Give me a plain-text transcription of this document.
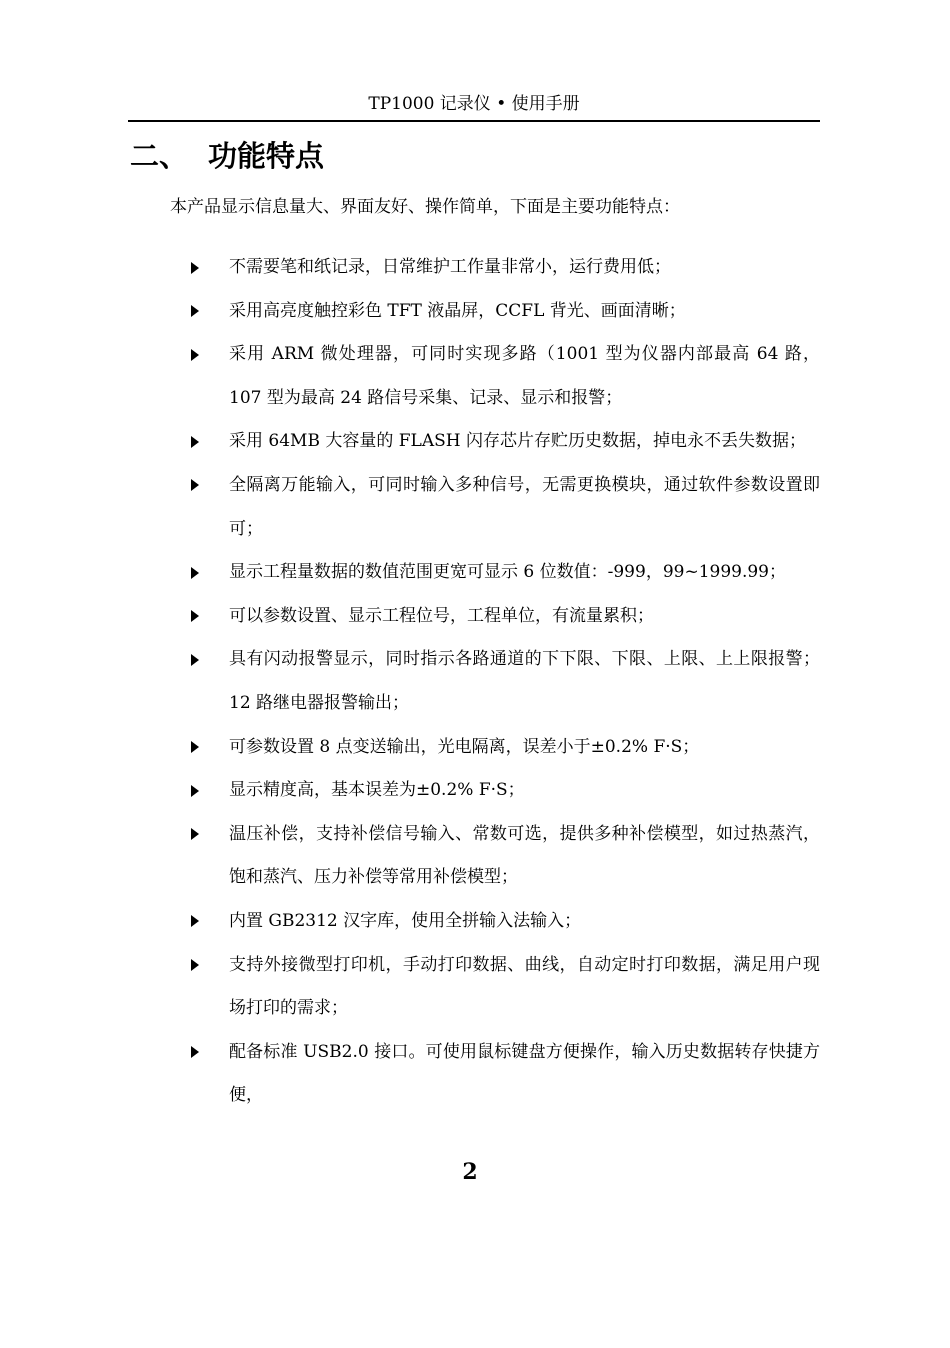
TP1000 记录仪 • 使用手册
二、 功能特点
本产品显示信息量大、界面友好、操作简单，下面是主要功能特点：
不需要笔和纸记录，日常维护工作量非常小，运行费用低；
采用高亮度触控彩色 TFT 液晶屏，CCFL 背光、画面清晰；
采用 ARM 微处理器，可同时实现多路（1001 型为仪器内部最高 64 路，107 型为最高 24 路信号采集、记录、显示和报警；
采用 64MB 大容量的 FLASH 闪存芯片存贮历史数据，掉电永不丢失数据；
全隔离万能输入，可同时输入多种信号，无需更换模块，通过软件参数设置即可；
显示工程量数据的数值范围更宽可显示 6 位数值：-999，99~1999.99；
可以参数设置、显示工程位号，工程单位，有流量累积；
具有闪动报警显示，同时指示各路通道的下下限、下限、上限、上上限报警；12 路继电器报警输出；
可参数设置 8 点变送输出，光电隔离，误差小于±0.2% F·S；
显示精度高，基本误差为±0.2% F·S；
温压补偿，支持补偿信号输入、常数可选，提供多种补偿模型，如过热蒸汽，饱和蒸汽、压力补偿等常用补偿模型；
内置 GB2312 汉字库，使用全拼输入法输入；
支持外接微型打印机，手动打印数据、曲线，自动定时打印数据，满足用户现场打印的需求；
配备标准 USB2.0 接口。可使用鼠标键盘方便操作，输入历史数据转存快捷方便，
2
